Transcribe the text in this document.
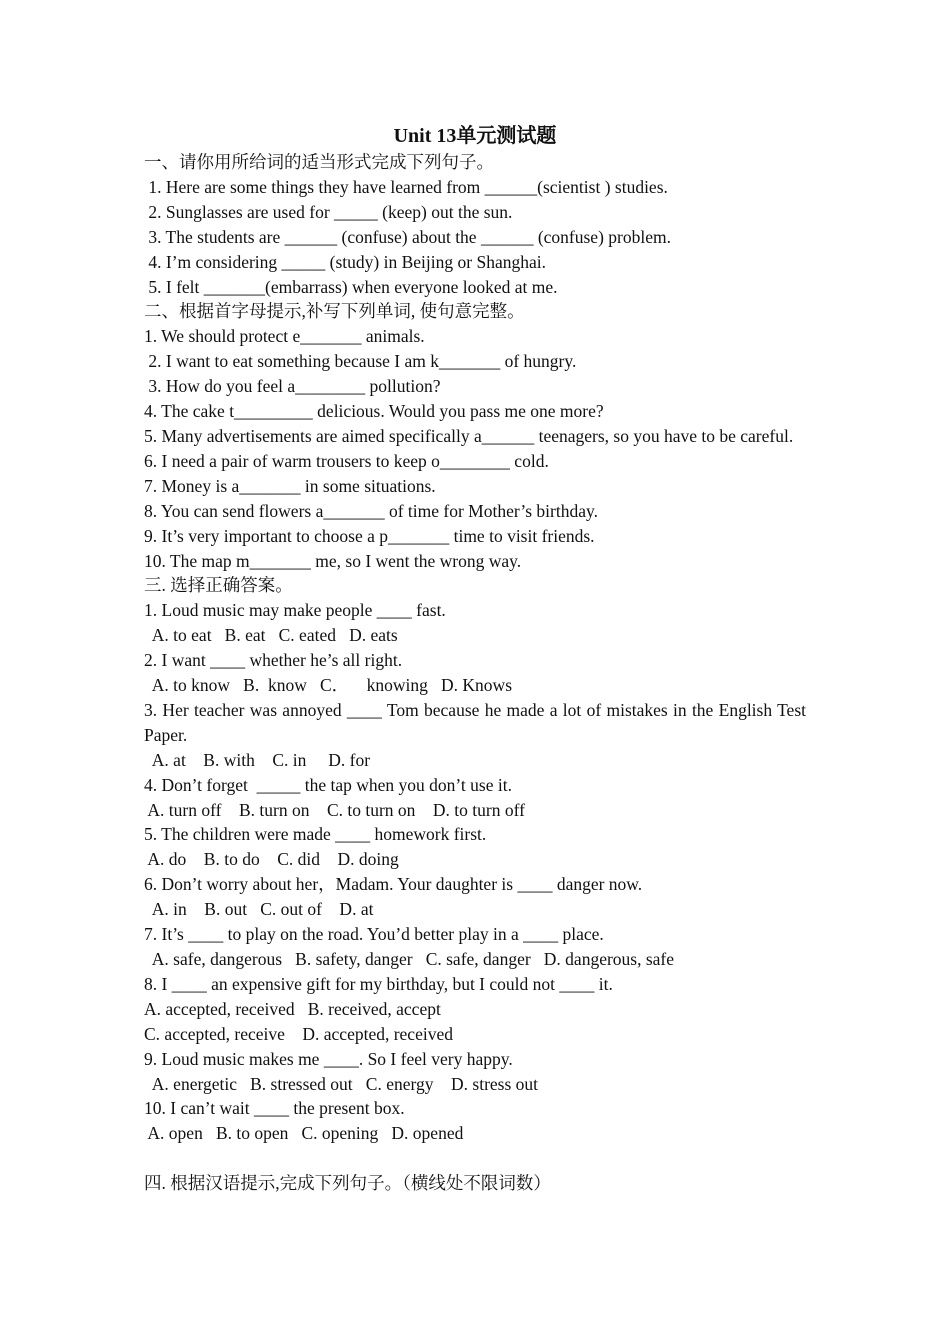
Unit 13单元测试题
一、请你用所给词的适当形式完成下列句子。
1. Here are some things they have learned from ______(scientist ) studies.
2. Sunglasses are used for _____ (keep) out the sun.
3. The students are ______ (confuse) about the ______ (confuse) problem.
4. I’m considering _____ (study) in Beijing or Shanghai.
5. I felt _______(embarrass) when everyone looked at me.
二、根据首字母提示,补写下列单词, 使句意完整。
1. We should protect e_______ animals.
2. I want to eat something because I am k_______ of hungry.
3. How do you feel a________ pollution?
4. The cake t_________ delicious. Would you pass me one more?
5. Many advertisements are aimed specifically a______ teenagers, so you have to be careful.
6. I need a pair of warm trousers to keep o________ cold.
7. Money is a_______ in some situations.
8. You can send flowers a_______ of time for Mother’s birthday.
9. It’s very important to choose a p_______ time to visit friends.
10. The map m_______ me, so I went the wrong way.
三. 选择正确答案。
1. Loud music may make people ____ fast.
A. to eat   B. eat   C. eated   D. eats
2. I want ____ whether he’s all right.
A. to know   B.  know   C．    knowing   D. Knows
3. Her teacher was annoyed ____ Tom because he made a lot of mistakes in the English Test Paper.
A. at    B. with    C. in     D. for
4. Don’t forget  _____ the tap when you don’t use it.
A. turn off    B. turn on    C. to turn on    D. to turn off
5. The children were made ____ homework first.
A. do    B. to do    C. did    D. doing
6. Don’t worry about her，Madam. Your daughter is ____ danger now.
A. in    B. out   C. out of    D. at
7. It’s ____ to play on the road. You’d better play in a ____ place.
A. safe, dangerous   B. safety, danger   C. safe, danger   D. dangerous, safe
8. I ____ an expensive gift for my birthday, but I could not ____ it.
A. accepted, received   B. received, accept
C. accepted, receive    D. accepted, received
9. Loud music makes me ____. So I feel very happy.
A. energetic   B. stressed out   C. energy    D. stress out
10. I can’t wait ____ the present box.
A. open   B. to open   C. opening   D. opened
四. 根据汉语提示,完成下列句子。（横线处不限词数）
